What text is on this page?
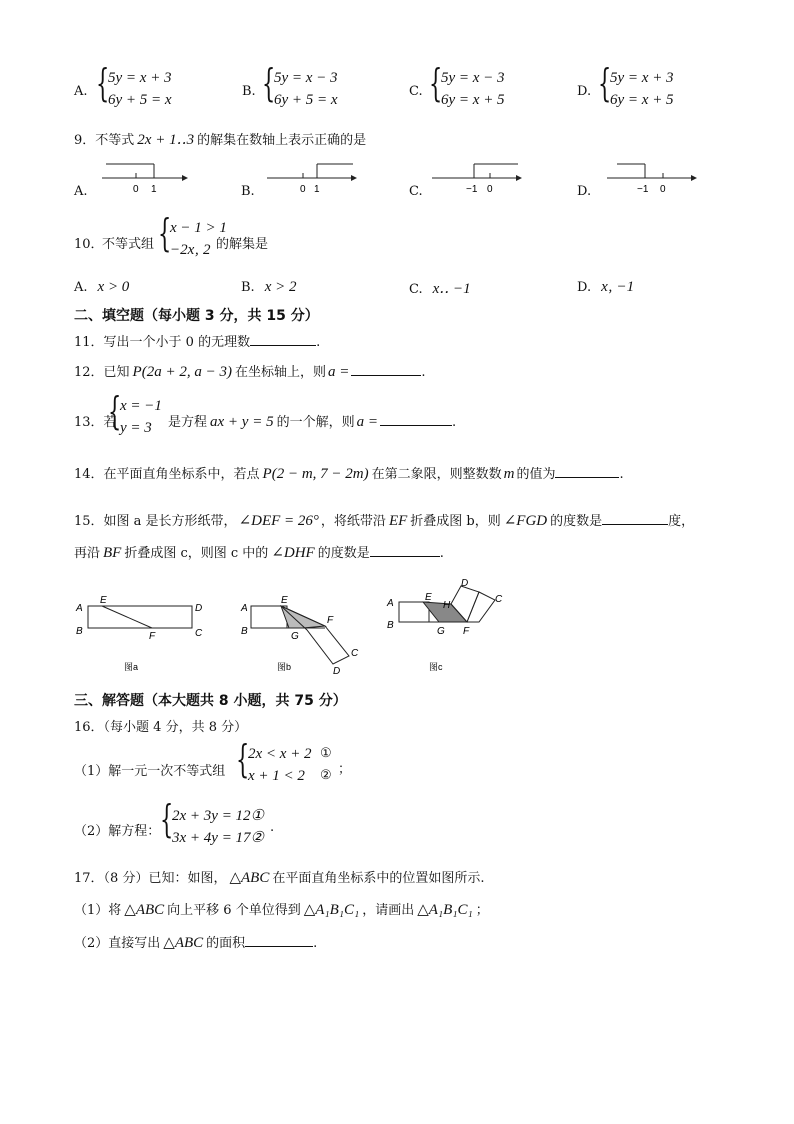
A. {
5y = x + 3
6y + 5 = x
B. {
5y = x − 3
6y + 5 = x
C. {
5y = x − 3
6y = x + 5
D. {
5y = x + 3
6y = x + 5
9．不等式 2x + 1‥3 的解集在数轴上表示正确的是
A.	0 1	B.	0 1	C.	−1 0	D.	−1 0
10．
不等式组 {
x − 1 > 1
−2x‚ 2 的解集是
A. x > 0	B. x > 2	C. x‥ −1	D. x‚ −1
二、填空题（每小题 3 分，共 15 分）
11．写出一个小于 0 的无理数	.
12．已知 P(2a + 2, a − 3) 在坐标轴上，则 a =	.
13．若
{
x = −1
y = 3 是方程 ax + y = 5 的一个解，则 a =	.
14．在平面直角坐标系中，若点 P(2 − m, 7 − 2m) 在第二象限，则整数数 m 的值为	.
15．如图 a 是长方形纸带， ∠DEF = 26° ，将纸带沿 EF 折叠成图 b，则 ∠FGD 的度数是	度，
再沿 BF 折叠成图 c，则图 c 中的 ∠DHF 的度数是	.
A
E
D
B	F	C
图a
A
E
B	G
F
C
D
图b
A
E
H
D
C
B
G F
图c
三、解答题（本大题共 8 小题，共 75 分）
16．（每小题 4 分，共 8 分）
（1）解一元一次不等式组 {
2x < x + 2
x + 1 < 2
①
② ；
（2）解方程： {
2x + 3y = 12①
3x + 4y = 17②
.
17．（8 分）已知：如图， △ABC 在平面直角坐标系中的位置如图所示.
（1）将 △ABC 向上平移 6 个单位得到 △A₁B₁C₁ ，请画出 △A₁B₁C₁ ；
（2）直接写出 △ABC 的面积	.
